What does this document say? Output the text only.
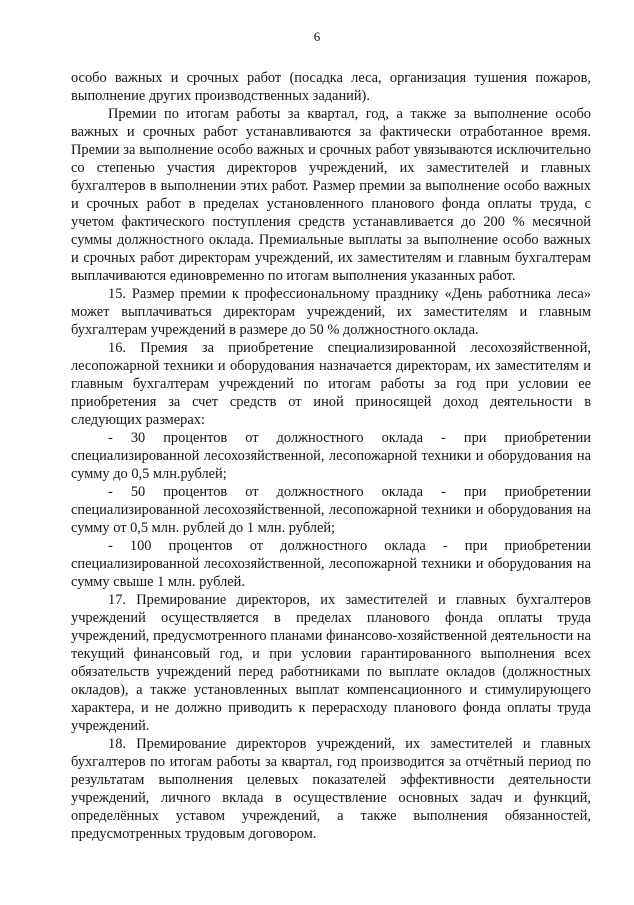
6

особо важных и срочных работ (посадка леса, организация тушения пожаров, выполнение других производственных заданий).

Премии по итогам работы за квартал, год, а также за выполнение особо важных и срочных работ устанавливаются за фактически отработанное время. Премии за выполнение особо важных и срочных работ увязываются исключительно со степенью участия директоров учреждений, их заместителей и главных бухгалтеров в выполнении этих работ. Размер премии за выполнение особо важных и срочных работ в пределах установленного планового фонда оплаты труда, с учетом фактического поступления средств устанавливается до 200 % месячной суммы должностного оклада. Премиальные выплаты за выполнение особо важных и срочных работ директорам учреждений, их заместителям и главным бухгалтерам выплачиваются единовременно по итогам выполнения указанных работ.

15. Размер премии к профессиональному празднику «День работника леса» может выплачиваться директорам учреждений, их заместителям и главным бухгалтерам учреждений в размере до 50 % должностного оклада.

16. Премия за приобретение специализированной лесохозяйственной, лесопожарной техники и оборудования назначается директорам, их заместителям и главным бухгалтерам учреждений по итогам работы за год при условии ее приобретения за счет средств от иной приносящей доход деятельности в следующих размерах:

- 30 процентов от должностного оклада - при приобретении специализированной лесохозяйственной, лесопожарной техники и оборудования на сумму до 0,5 млн.рублей;

- 50 процентов от должностного оклада - при приобретении специализированной лесохозяйственной, лесопожарной техники и оборудования на сумму от 0,5 млн. рублей до 1 млн. рублей;

- 100 процентов от должностного оклада - при приобретении специализированной лесохозяйственной, лесопожарной техники и оборудования на сумму свыше 1 млн. рублей.

17. Премирование директоров, их заместителей и главных бухгалтеров учреждений осуществляется в пределах планового фонда оплаты труда учреждений, предусмотренного планами финансово-хозяйственной деятельности на текущий финансовый год, и при условии гарантированного выполнения всех обязательств учреждений перед работниками по выплате окладов (должностных окладов), а также установленных выплат компенсационного и стимулирующего характера, и не должно приводить к перерасходу планового фонда оплаты труда учреждений.

18. Премирование директоров учреждений, их заместителей и главных бухгалтеров по итогам работы за квартал, год производится за отчётный период по результатам выполнения целевых показателей эффективности деятельности учреждений, личного вклада в осуществление основных задач и функций, определённых уставом учреждений, а также выполнения обязанностей, предусмотренных трудовым договором.
